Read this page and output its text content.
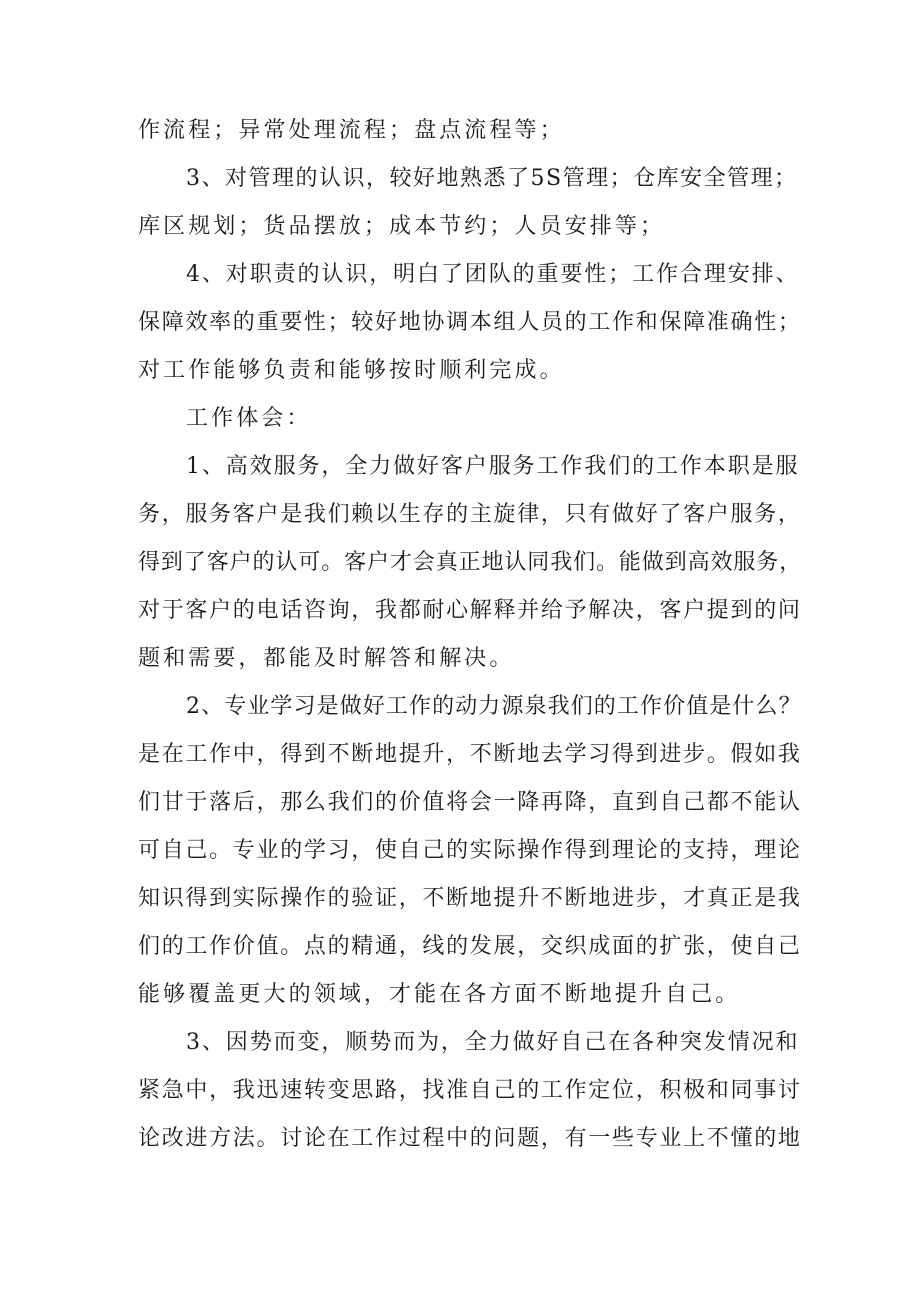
作流程；异常处理流程；盘点流程等；
3、对管理的认识，较好地熟悉了5S管理；仓库安全管理；
库区规划；货品摆放；成本节约；人员安排等；
4、对职责的认识，明白了团队的重要性；工作合理安排、
保障效率的重要性；较好地协调本组人员的工作和保障准确性；
对工作能够负责和能够按时顺利完成。
工作体会：
1、高效服务，全力做好客户服务工作我们的工作本职是服
务，服务客户是我们赖以生存的主旋律，只有做好了客户服务，
得到了客户的认可。客户才会真正地认同我们。能做到高效服务，
对于客户的电话咨询，我都耐心解释并给予解决，客户提到的问
题和需要，都能及时解答和解决。
2、专业学习是做好工作的动力源泉我们的工作价值是什么？
是在工作中，得到不断地提升，不断地去学习得到进步。假如我
们甘于落后，那么我们的价值将会一降再降，直到自己都不能认
可自己。专业的学习，使自己的实际操作得到理论的支持，理论
知识得到实际操作的验证，不断地提升不断地进步，才真正是我
们的工作价值。点的精通，线的发展，交织成面的扩张，使自己
能够覆盖更大的领域，才能在各方面不断地提升自己。
3、因势而变，顺势而为，全力做好自己在各种突发情况和
紧急中，我迅速转变思路，找准自己的工作定位，积极和同事讨
论改进方法。讨论在工作过程中的问题，有一些专业上不懂的地
